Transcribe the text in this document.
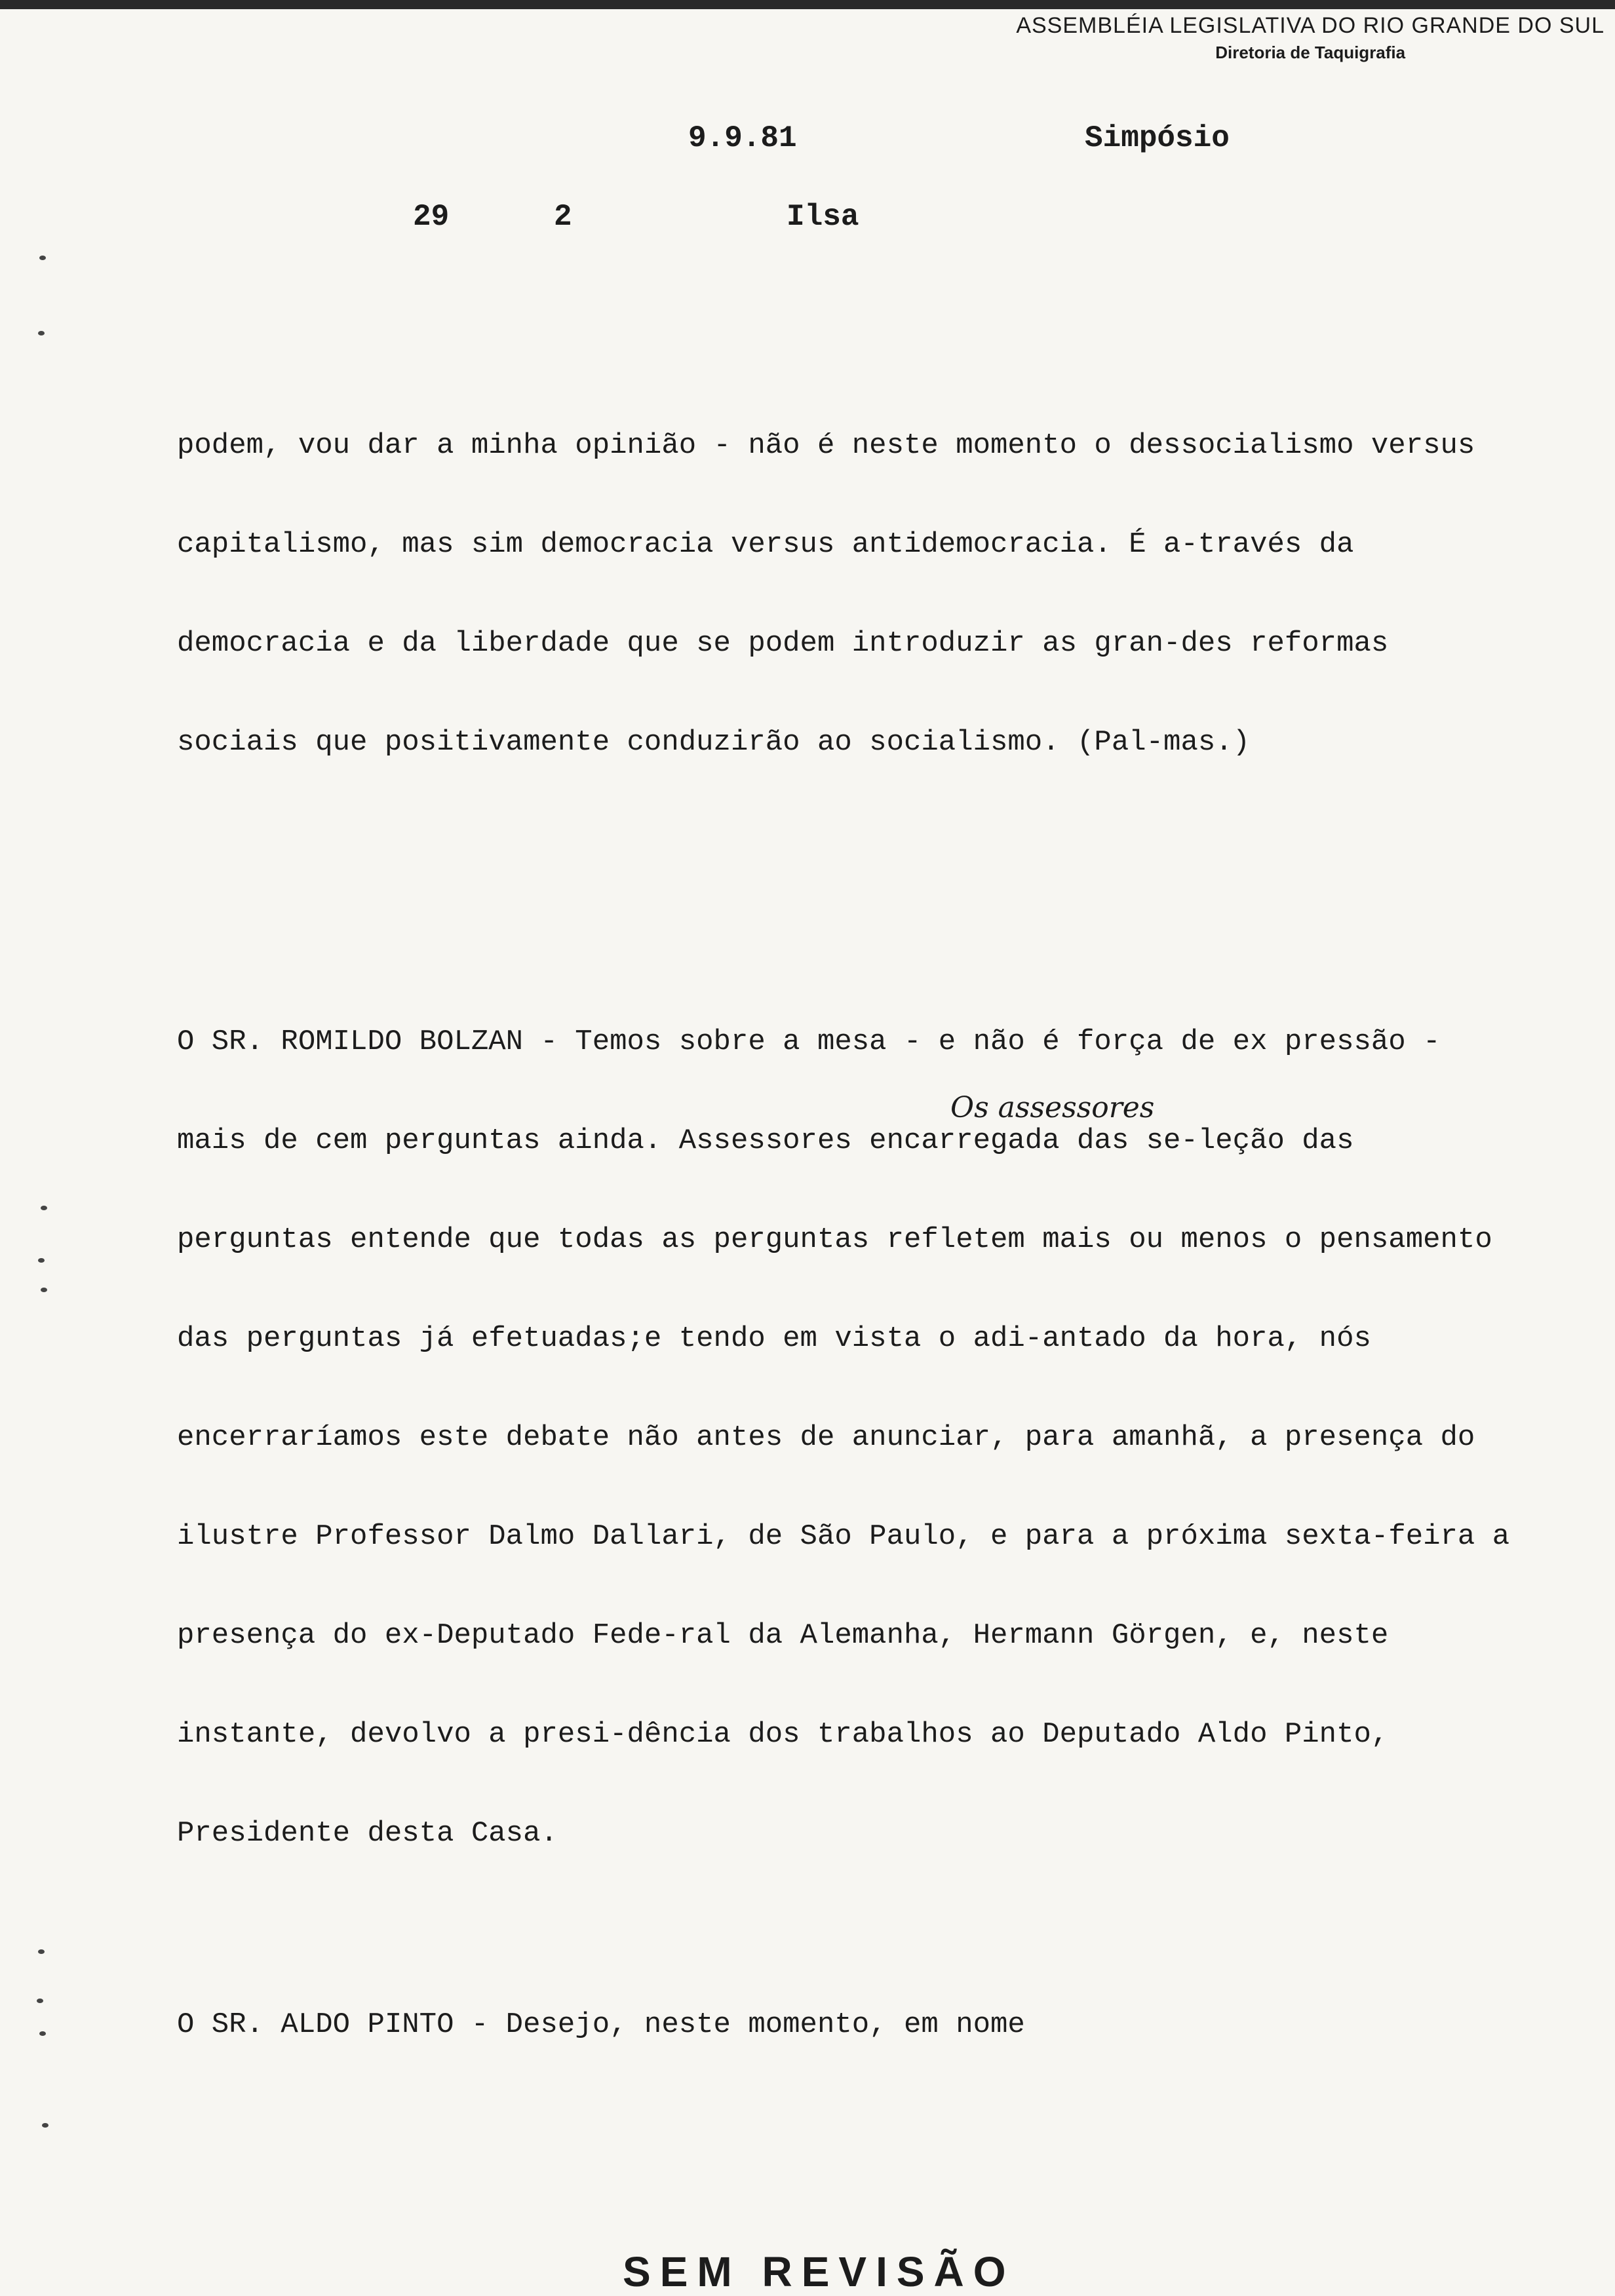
ASSEMBLÉIA LEGISLATIVA DO RIO GRANDE DO SUL
Diretoria de Taquigrafia
9.9.81	Simpósio
29	2	Ilsa
podem, vou dar a minha opinião - não é neste momento o dessocialismo versus capitalismo, mas sim democracia versus antidemocracia. É a-través da democracia e da liberdade que se podem introduzir as gran-des reformas sociais que positivamente conduzirão ao socialismo. (Pal-mas.)
O SR. ROMILDO BOLZAN - Temos sobre a mesa - e não é força de ex pressão - mais de cem perguntas ainda. Assessores encarregada das se-leção das perguntas entende que todas as perguntas refletem mais ou menos o pensamento das perguntas já efetuadas;e tendo em vista o adi-antado da hora, nós encerraríamos este debate não antes de anunciar, para amanhã, a presença do ilustre Professor Dalmo Dallari, de São Paulo, e para a próxima sexta-feira a presença do ex-Deputado Fede-ral da Alemanha, Hermann Görgen, e, neste instante, devolvo a presi-dência dos trabalhos ao Deputado Aldo Pinto, Presidente desta Casa.
O SR. ALDO PINTO - Desejo, neste momento, em nome
Os assessores
SEM REVISÃO
